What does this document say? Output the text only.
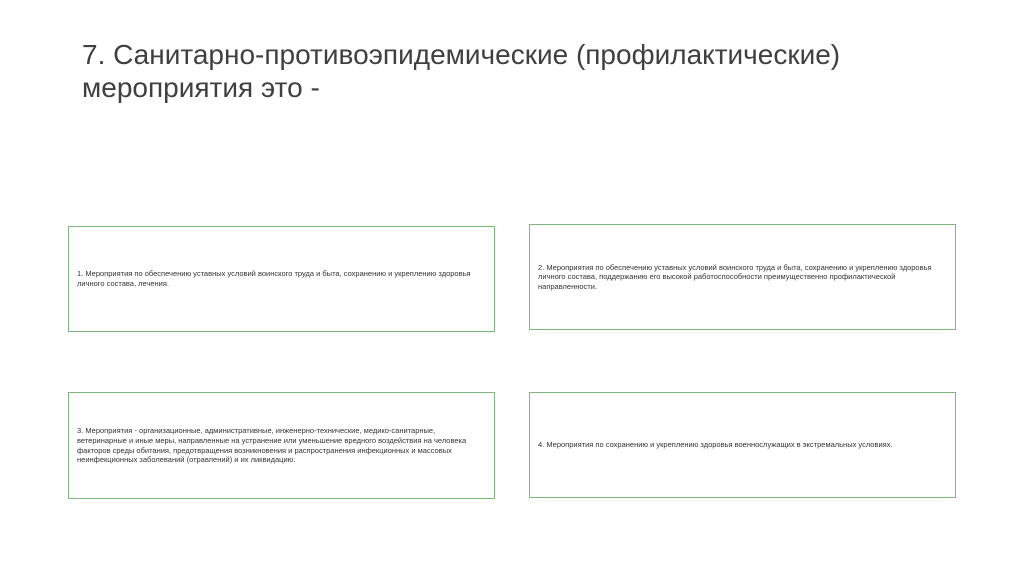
7. Санитарно-противоэпидемические (профилактические)
мероприятия это -

1. Мероприятия по обеспечению уставных условий воинского труда и быта, сохранению и укреплению здоровья личного состава, лечения.

2. Мероприятия по обеспечению уставных условий воинского труда и быта, сохранению и укреплению здоровья личного состава, поддержанию его высокой работоспособности преимущественно профилактической направленности.

3. Мероприятия - организационные, административные, инженерно-технические, медико-санитарные, ветеринарные и иные меры, направленные на устранение или уменьшение вредного воздействия на человека факторов среды обитания, предотвращения возникновения и распространения инфекционных и массовых неинфекционных заболеваний (отравлений) и их ликвидацию.

4. Мероприятия по сохранению и укреплению здоровья военнослужащих в экстремальных условиях.
